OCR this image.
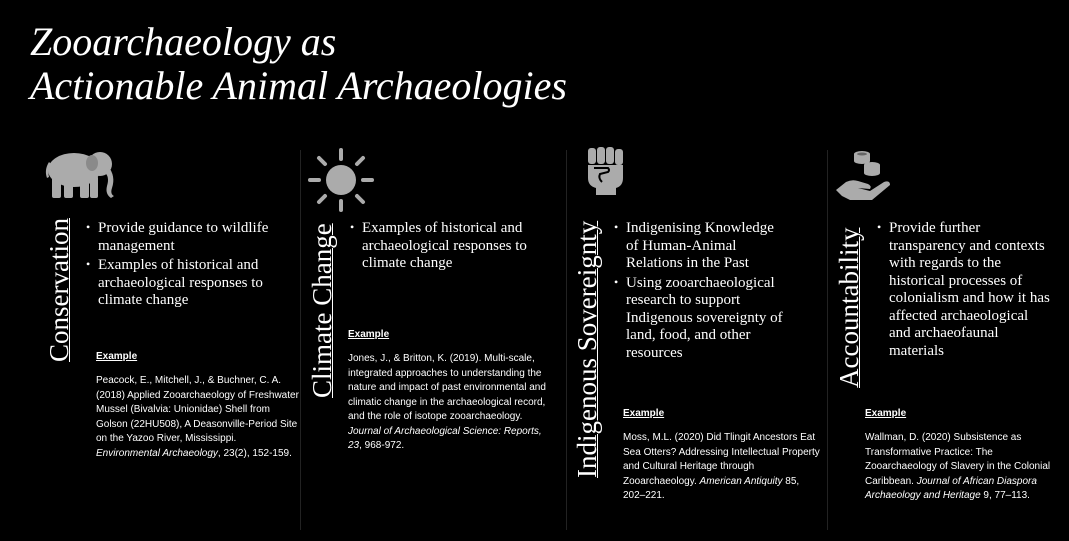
Zooarchaeology as
Actionable Animal Archaeologies
Conservation	• Provide guidance to wildlife management
• Examples of historical and archaeological responses to climate change
Example
Peacock, E., Mitchell, J., & Buchner, C. A. (2018) Applied Zooarchaeology of Freshwater Mussel (Bivalvia: Unionidae) Shell from Golson (22HU508), A Deasonville-Period Site on the Yazoo River, Mississippi. Environmental Archaeology, 23(2), 152-159.
Climate Change	• Examples of historical and archaeological responses to climate change
Example
Jones, J., & Britton, K. (2019). Multi-scale, integrated approaches to understanding the nature and impact of past environmental and climatic change in the archaeological record, and the role of isotope zooarchaeology. Journal of Archaeological Science: Reports, 23, 968-972.	Indigenous Sovereignty	• Indigenising Knowledge of Human-Animal Relations in the Past
• Using zooarchaeological research to support Indigenous sovereignty of land, food, and other resources
Example
Moss, M.L. (2020) Did Tlingit Ancestors Eat Sea Otters? Addressing Intellectual Property and Cultural Heritage through Zooarchaeology. American Antiquity 85, 202–221.
Accountability	• Provide further transparency and contexts with regards to the historical processes of colonialism and how it has affected archaeological and archaeofaunal materials
Example
Wallman, D. (2020) Subsistence as Transformative Practice: The Zooarchaeology of Slavery in the Colonial Caribbean. Journal of African Diaspora Archaeology and Heritage 9, 77–113.
